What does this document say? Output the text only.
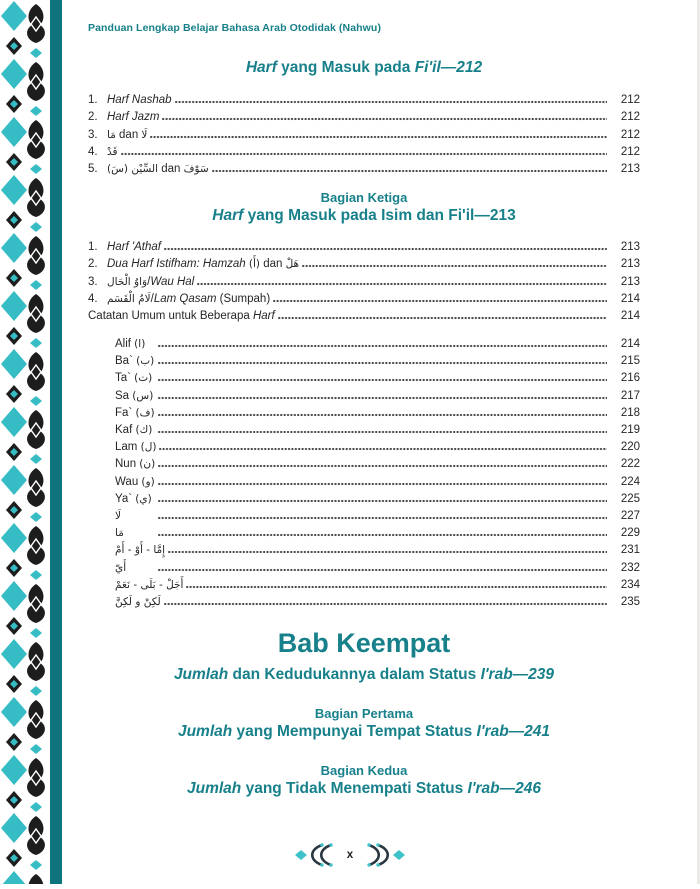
Panduan Lengkap Belajar Bahasa Arab Otodidak (Nahwu)
Harf yang Masuk pada Fi'il—212
1. Harf Nashab	212
2. Harf Jazm	212
3. مَا dan لَا	212
4. قَدْ	212
5. السِّيْن (سَ) dan سَوْفَ	213
Bagian Ketiga
Harf yang Masuk pada Isim dan Fi'il—213
1. Harf 'Athaf	213
2. Dua Harf Istifham: Hamzah (أَ) dan هَلْ	213
3. وَاوُ الْحَال/Wau Hal	213
4. لَامُ الْقَسَم/Lam Qasam (Sumpah)	214
Catatan Umum untuk Beberapa Harf	214
Alif (ا)	214
Ba` (ب)	215
Ta` (ت)	216
Sa (س)	217
Fa` (ف)	218
Kaf (ك)	219
Lam (ل)	220
Nun (ن)	222
Wau (و)	224
Ya` (ي)	225
لَا	227
مَا	229
أَمْ‎ - أَوْ‎ - إِمَّا	231
أَيّ	232
نَعَمْ‎ - بَلَى‎ - أَجَلْ	234
لَكِنْ و لَكِنَّ	235
Bab Keempat
Jumlah dan Kedudukannya dalam Status I'rab—239
Bagian Pertama
Jumlah yang Mempunyai Tempat Status I'rab—241
Bagian Kedua
Jumlah yang Tidak Menempati Status I'rab—246
x
